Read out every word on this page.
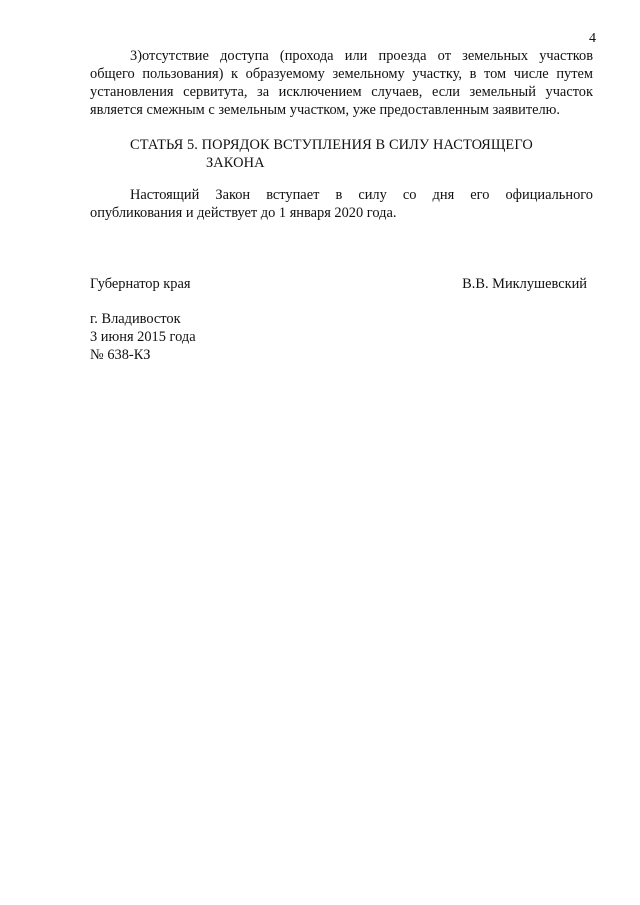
4
3)отсутствие доступа (прохода или проезда от земельных участков
общего пользования) к образуемому земельному участку, в том числе путем
установления сервитута, за исключением случаев, если земельный участок
является смежным с земельным участком, уже предоставленным заявителю.
СТАТЬЯ 5. ПОРЯДОК ВСТУПЛЕНИЯ В СИЛУ НАСТОЯЩЕГО
ЗАКОНА
Настоящий Закон вступает в силу со дня его официального
опубликования и действует до 1 января 2020 года.
Губернатор края	В.В. Миклушевский
г. Владивосток
3 июня 2015 года
№ 638-КЗ
